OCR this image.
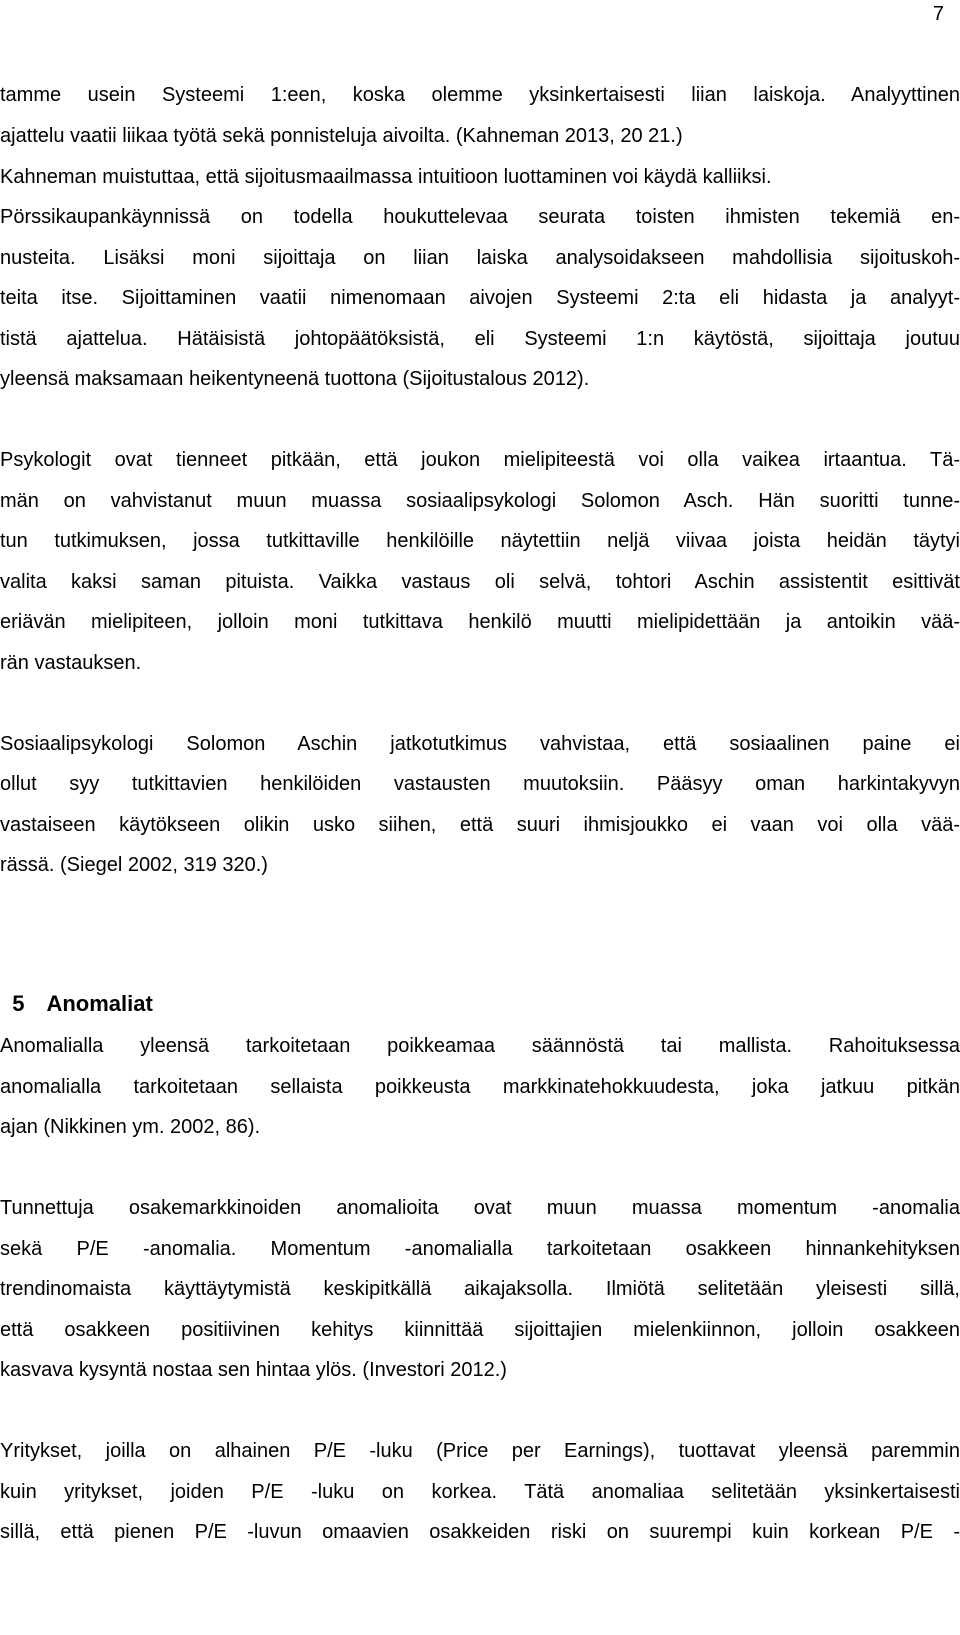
7
tamme usein Systeemi 1:een, koska olemme yksinkertaisesti liian laiskoja. Analyyttinen
ajattelu vaatii liikaa työtä sekä ponnisteluja aivoilta. (Kahneman 2013, 20 21.)
Kahneman muistuttaa, että sijoitusmaailmassa intuitioon luottaminen voi käydä kalliiksi.
Pörssikaupankäynnissä on todella houkuttelevaa seurata toisten ihmisten tekemiä en-
nusteita. Lisäksi moni sijoittaja on liian laiska analysoidakseen mahdollisia sijoituskoh-
teita itse. Sijoittaminen vaatii nimenomaan aivojen Systeemi 2:ta eli hidasta ja analyyt-
tistä ajattelua. Hätäisistä johtopäätöksistä, eli Systeemi 1:n käytöstä, sijoittaja joutuu
yleensä maksamaan heikentyneenä tuottona (Sijoitustalous 2012).
Psykologit ovat tienneet pitkään, että joukon mielipiteestä voi olla vaikea irtaantua. Tä-
män on vahvistanut muun muassa sosiaalipsykologi Solomon Asch. Hän suoritti tunne-
tun tutkimuksen, jossa tutkittaville henkilöille näytettiin neljä viivaa joista heidän täytyi
valita kaksi saman pituista. Vaikka vastaus oli selvä, tohtori Aschin assistentit esittivät
eriävän mielipiteen, jolloin moni tutkittava henkilö muutti mielipidettään ja antoikin vää-
rän vastauksen.
Sosiaalipsykologi Solomon Aschin jatkotutkimus vahvistaa, että sosiaalinen paine ei
ollut syy tutkittavien henkilöiden vastausten muutoksiin. Pääsyy oman harkintakyvyn
vastaiseen käytökseen olikin usko siihen, että suuri ihmisjoukko ei vaan voi olla vää-
rässä. (Siegel 2002, 319 320.)
Anomalialla yleensä tarkoitetaan poikkeamaa säännöstä tai mallista. Rahoituksessa
anomalialla tarkoitetaan sellaista poikkeusta markkinatehokkuudesta, joka jatkuu pitkän
ajan (Nikkinen ym. 2002, 86).
Tunnettuja osakemarkkinoiden anomalioita ovat muun muassa momentum -anomalia
sekä P/E -anomalia. Momentum -anomalialla tarkoitetaan osakkeen hinnankehityksen
trendinomaista käyttäytymistä keskipitkällä aikajaksolla. Ilmiötä selitetään yleisesti sillä,
että osakkeen positiivinen kehitys kiinnittää sijoittajien mielenkiinnon, jolloin osakkeen
kasvava kysyntä nostaa sen hintaa ylös. (Investori 2012.)
Yritykset, joilla on alhainen P/E -luku (Price per Earnings), tuottavat yleensä paremmin
kuin yritykset, joiden P/E -luku on korkea. Tätä anomaliaa selitetään yksinkertaisesti
sillä, että pienen P/E -luvun omaavien osakkeiden riski on suurempi kuin korkean P/E -

5 Anomaliat
